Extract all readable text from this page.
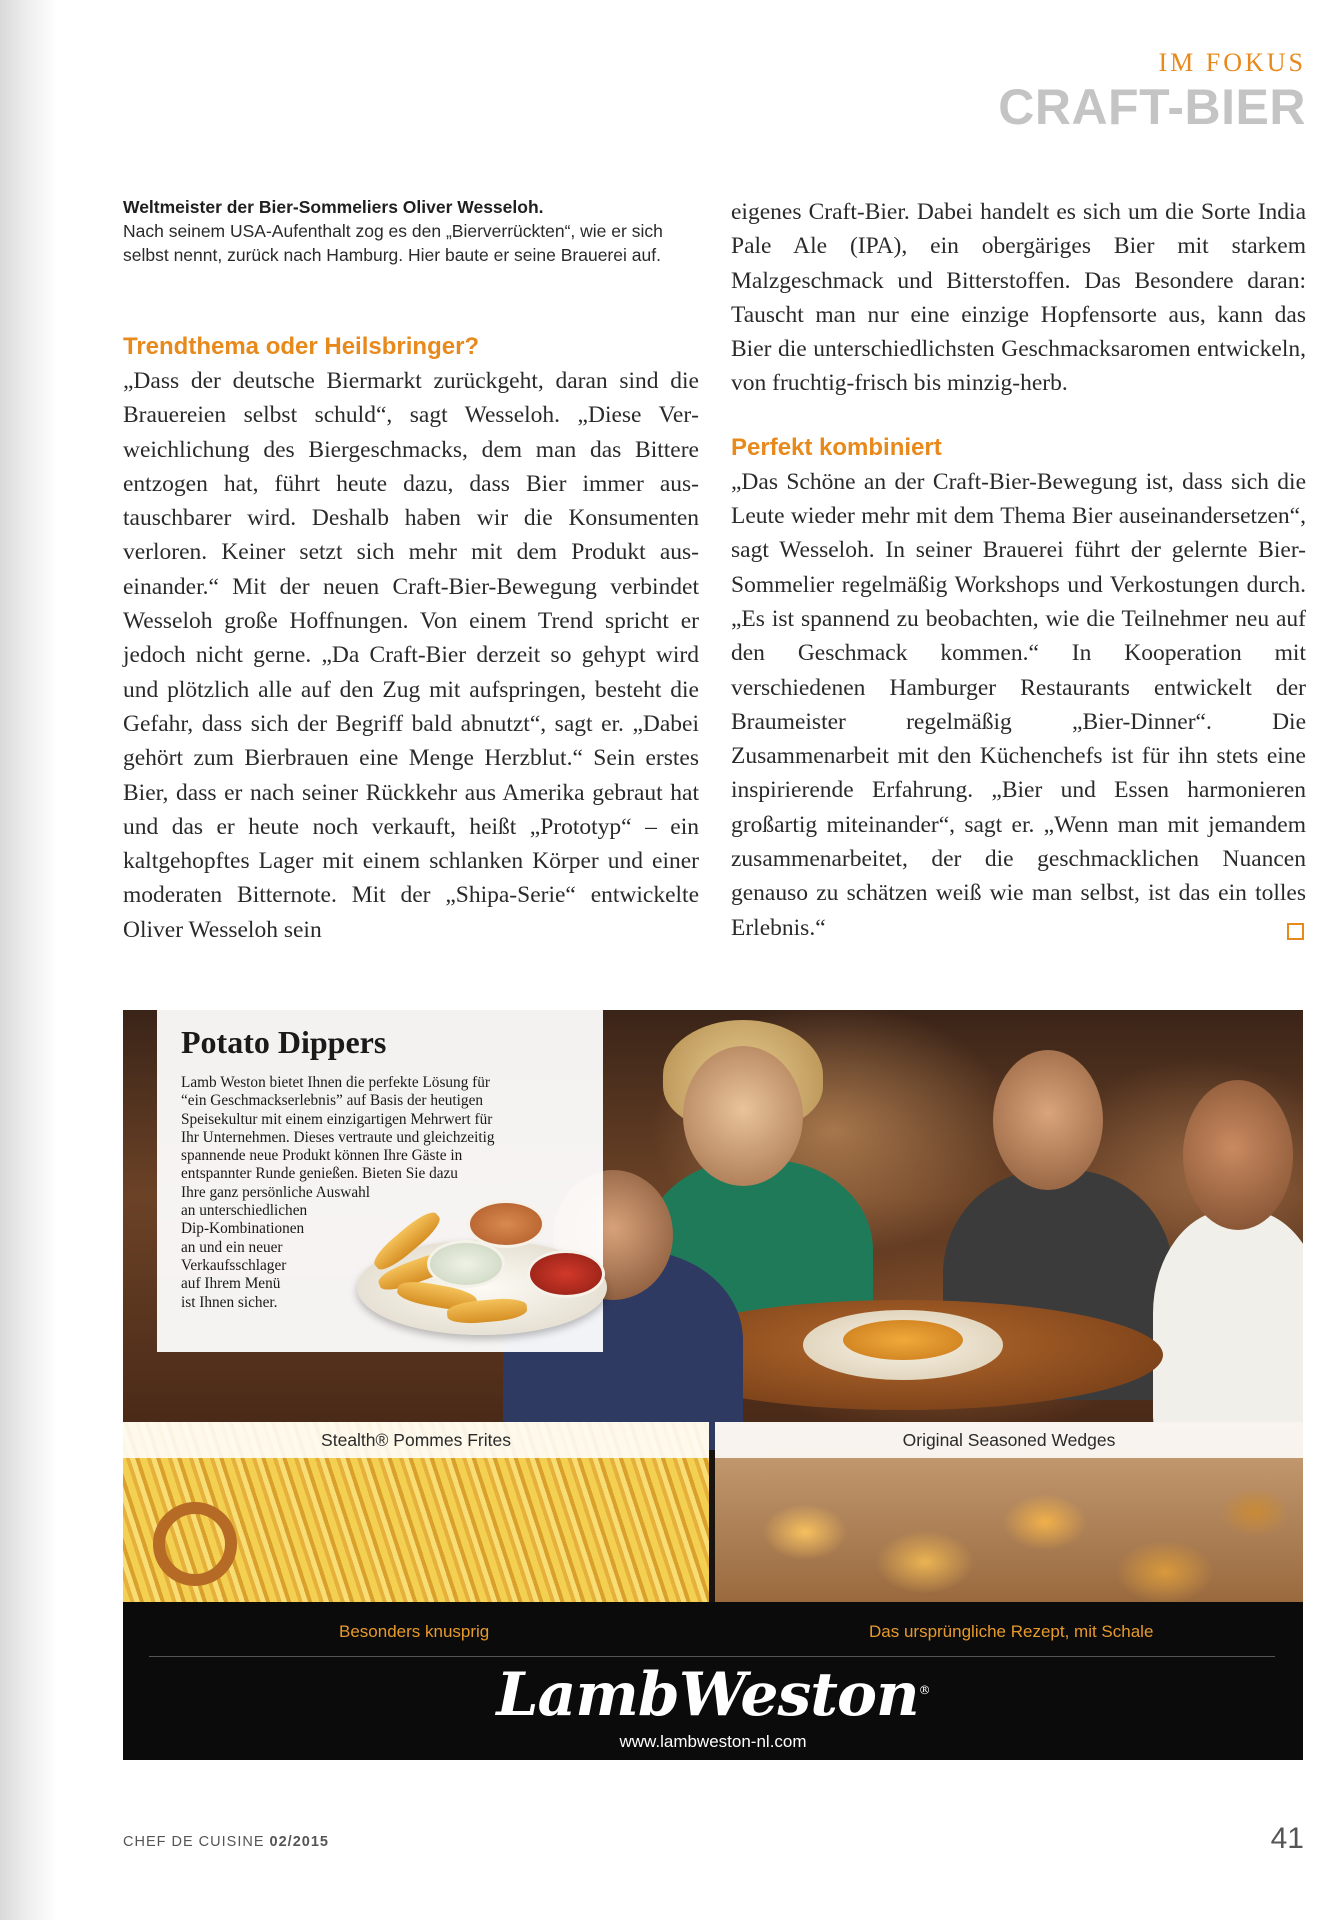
IM FOKUS
CRAFT-BIER
Weltmeister der Bier-Sommeliers Oliver Wesseloh.
Nach seinem USA-Aufenthalt zog es den „Bierverrückten“, wie er sich selbst nennt, zurück nach Hamburg. Hier baute er seine Brauerei auf.
Trendthema oder Heilsbringer?

„Dass der deutsche Biermarkt zurückgeht, daran sind die Brauereien selbst schuld“, sagt Wesseloh. „Diese Verweichlichung des Biergeschmacks, dem man das Bittere entzogen hat, führt heute dazu, dass Bier immer austauschbarer wird. Deshalb haben wir die Konsumenten verloren. Keiner setzt sich mehr mit dem Produkt auseinander.“ Mit der neuen Craft-Bier-Bewegung verbindet Wesseloh große Hoffnungen. Von einem Trend spricht er jedoch nicht gerne. „Da Craft-Bier derzeit so gehypt wird und plötzlich alle auf den Zug mit aufspringen, besteht die Gefahr, dass sich der Begriff bald abnutzt“, sagt er. „Dabei gehört zum Bierbrauen eine Menge Herzblut.“ Sein erstes Bier, dass er nach seiner Rückkehr aus Amerika gebraut hat und das er heute noch verkauft, heißt „Prototyp“ – ein kaltgehopftes Lager mit einem schlanken Körper und einer moderaten Bitternote. Mit der „Shipa-Serie“ entwickelte Oliver Wesseloh sein

eigenes Craft-Bier. Dabei handelt es sich um die Sorte India Pale Ale (IPA), ein obergäriges Bier mit starkem Malzgeschmack und Bitterstoffen. Das Besondere daran: Tauscht man nur eine einzige Hopfensorte aus, kann das Bier die unterschiedlichsten Geschmacksaromen entwickeln, von fruchtig-frisch bis minzig-herb.

Perfekt kombiniert

„Das Schöne an der Craft-Bier-Bewegung ist, dass sich die Leute wieder mehr mit dem Thema Bier auseinandersetzen“, sagt Wesseloh. In seiner Brauerei führt der gelernte Bier-Sommelier regelmäßig Workshops und Verkostungen durch. „Es ist spannend zu beobachten, wie die Teilnehmer neu auf den Geschmack kommen.“ In Kooperation mit verschiedenen Hamburger Restaurants entwickelt der Braumeister regelmäßig „Bier-Dinner“. Die Zusammenarbeit mit den Küchenchefs ist für ihn stets eine inspirierende Erfahrung. „Bier und Essen harmonieren großartig miteinander“, sagt er. „Wenn man mit jemandem zusammenarbeitet, der die geschmacklichen Nuancen genauso zu schätzen weiß wie man selbst, ist das ein tolles Erlebnis.“

Potato Dippers
Lamb Weston bietet Ihnen die perfekte Lösung für
“ein Geschmackserlebnis” auf Basis der heutigen
Speisekultur mit einem einzigartigen Mehrwert für
Ihr Unternehmen. Dieses vertraute und gleichzeitig
spannende neue Produkt können Ihre Gäste in
entspannter Runde genießen. Bieten Sie dazu
Ihre ganz persönliche Auswahl
an unterschiedlichen
Dip-Kombinationen
an und ein neuer
Verkaufsschlager
auf Ihrem Menü
ist Ihnen sicher.
Stealth® Pommes Frites	Original Seasoned Wedges
Besonders knusprig	Das ursprüngliche Rezept, mit Schale
LambWeston®
www.lambweston-nl.com
CHEF DE CUISINE 02/2015	41
